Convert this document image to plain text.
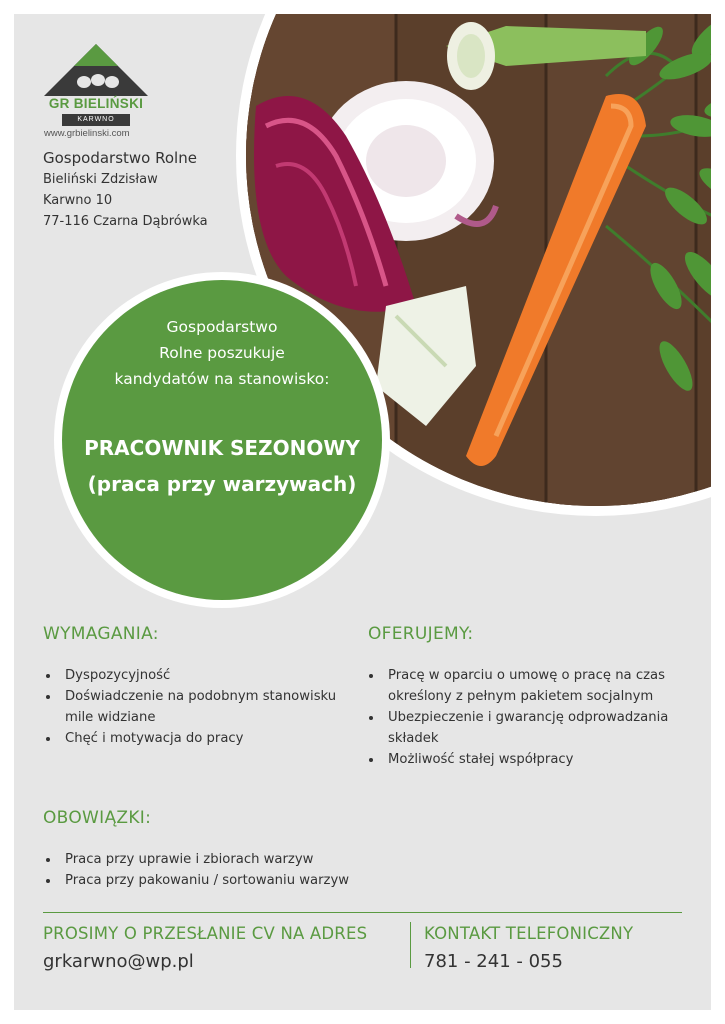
GR BIELIŃSKI
KARWNO
www.grbielinski.com
Gospodarstwo Rolne
Bieliński Zdzisław
Karwno 10
77-116 Czarna Dąbrówka
Gospodarstwo
Rolne poszukuje
kandydatów na stanowisko:
PRACOWNIK SEZONOWY
(praca przy warzywach)
WYMAGANIA:
Dyspozycyjność
Doświadczenie na podobnym stanowisku mile widziane
Chęć i motywacja do pracy
OFERUJEMY:
Pracę w oparciu o umowę o pracę na czas określony z pełnym pakietem socjalnym
Ubezpieczenie i gwarancję odprowadzania składek
Możliwość stałej współpracy
OBOWIĄZKI:
Praca przy uprawie i zbiorach warzyw
Praca przy pakowaniu / sortowaniu warzyw
PROSIMY O PRZESŁANIE CV NA ADRES
grkarwno@wp.pl
KONTAKT TELEFONICZNY
781 - 241 - 055
